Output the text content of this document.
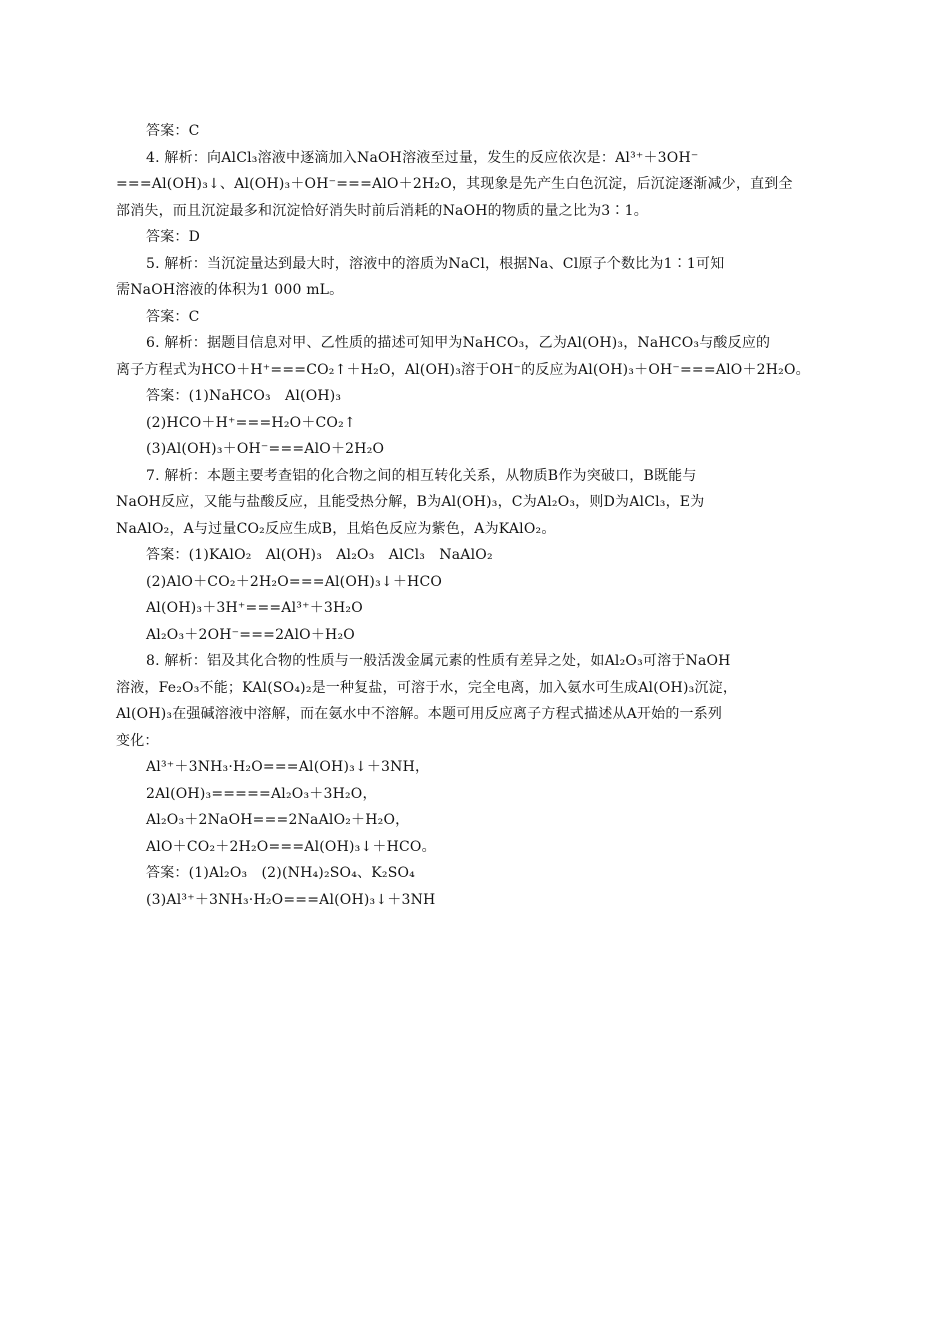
答案：C
4. 解析：向AlCl₃溶液中逐滴加入NaOH溶液至过量，发生的反应依次是：Al³⁺＋3OH⁻
===Al(OH)₃↓、Al(OH)₃＋OH⁻===AlO＋2H₂O，其现象是先产生白色沉淀，后沉淀逐渐减少，直到全
部消失，而且沉淀最多和沉淀恰好消失时前后消耗的NaOH的物质的量之比为3∶1。
答案：D
5. 解析：当沉淀量达到最大时，溶液中的溶质为NaCl，根据Na、Cl原子个数比为1∶1可知
需NaOH溶液的体积为1 000 mL。
答案：C
6. 解析：据题目信息对甲、乙性质的描述可知甲为NaHCO₃，乙为Al(OH)₃，NaHCO₃与酸反应的
离子方程式为HCO＋H⁺===CO₂↑＋H₂O，Al(OH)₃溶于OH⁻的反应为Al(OH)₃＋OH⁻===AlO＋2H₂O。
答案：(1)NaHCO₃　Al(OH)₃
(2)HCO＋H⁺===H₂O＋CO₂↑
(3)Al(OH)₃＋OH⁻===AlO＋2H₂O
7. 解析：本题主要考查铝的化合物之间的相互转化关系，从物质B作为突破口，B既能与
NaOH反应，又能与盐酸反应，且能受热分解，B为Al(OH)₃，C为Al₂O₃，则D为AlCl₃，E为
NaAlO₂，A与过量CO₂反应生成B，且焰色反应为紫色，A为KAlO₂。
答案：(1)KAlO₂　Al(OH)₃　Al₂O₃　AlCl₃　NaAlO₂
(2)AlO＋CO₂＋2H₂O===Al(OH)₃↓＋HCO
Al(OH)₃＋3H⁺===Al³⁺＋3H₂O
Al₂O₃＋2OH⁻===2AlO＋H₂O
8. 解析：铝及其化合物的性质与一般活泼金属元素的性质有差异之处，如Al₂O₃可溶于NaOH
溶液，Fe₂O₃不能；KAl(SO₄)₂是一种复盐，可溶于水，完全电离，加入氨水可生成Al(OH)₃沉淀，
Al(OH)₃在强碱溶液中溶解，而在氨水中不溶解。本题可用反应离子方程式描述从A开始的一系列
变化：
Al³⁺＋3NH₃·H₂O===Al(OH)₃↓＋3NH，
2Al(OH)₃=====Al₂O₃＋3H₂O，
Al₂O₃＋2NaOH===2NaAlO₂＋H₂O，
AlO＋CO₂＋2H₂O===Al(OH)₃↓＋HCO。
答案：(1)Al₂O₃　(2)(NH₄)₂SO₄、K₂SO₄
(3)Al³⁺＋3NH₃·H₂O===Al(OH)₃↓＋3NH
